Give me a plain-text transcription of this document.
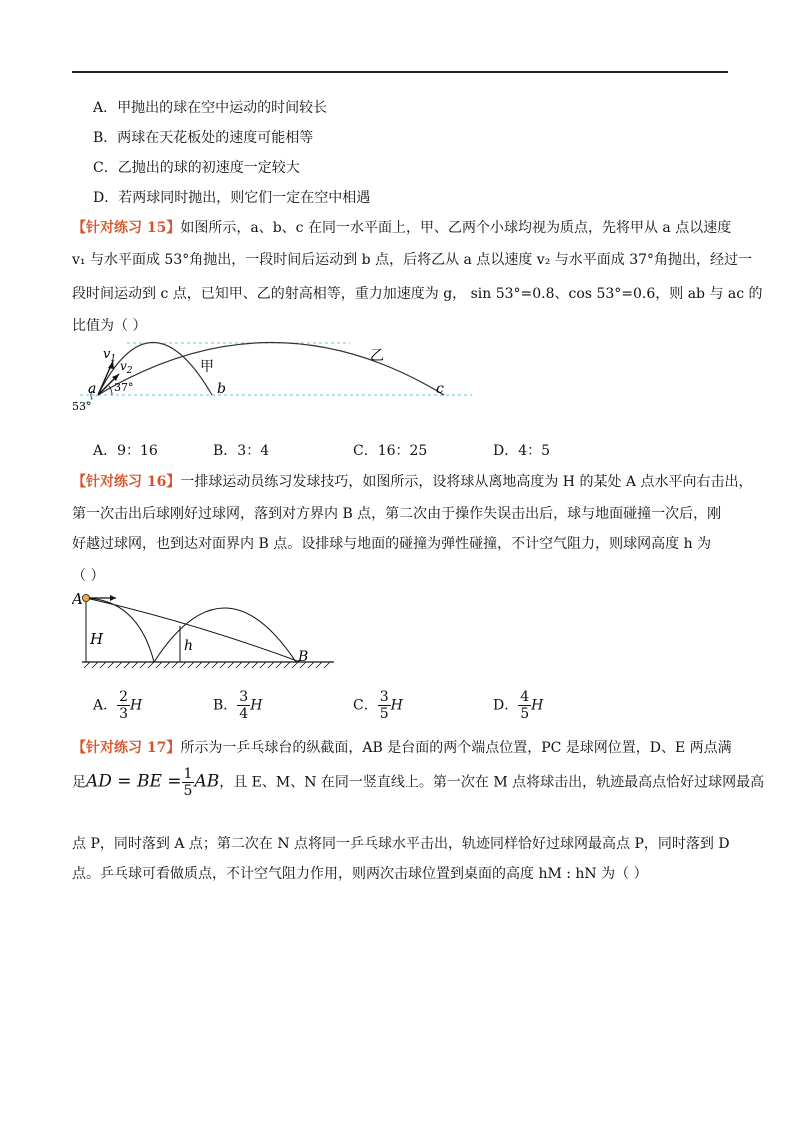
A．甲抛出的球在空中运动的时间较长
B．两球在天花板处的速度可能相等
C．乙抛出的球的初速度一定较大
D．若两球同时抛出，则它们一定在空中相遇
【针对练习 15】如图所示，a、b、c 在同一水平面上，甲、乙两个小球均视为质点，先将甲从 a 点以速度
v₁ 与水平面成 53°角抛出，一段时间后运动到 b 点，后将乙从 a 点以速度 v₂ 与水平面成 37°角抛出，经过一
段时间运动到 c 点，已知甲、乙的射高相等，重力加速度为 g， sin 53°=0.8、cos 53°=0.6，则 ab 与 ac 的
比值为（ ）
$v_1$ $v_2$	甲
乙
a	b	c
37°
53°
A．9：16	B．3：4	C．16：25	D．4：5
【针对练习 16】一排球运动员练习发球技巧，如图所示，设将球从离地高度为 H 的某处 A 点水平向右击出，
第一次击出后球刚好过球网，落到对方界内 B 点，第二次由于操作失误击出后，球与地面碰撞一次后，刚
好越过球网，也到达对面界内 B 点。设排球与地面的碰撞为弹性碰撞，不计空气阻力，则球网高度 h 为
（ ）
A
H	h
B
A． $\frac{2}{3}$ H	B． $\frac{3}{4}$ H	C． $\frac{3}{5}$ H	D． $\frac{4}{5}$ H
【针对练习 17】所示为一乒乓球台的纵截面，AB 是台面的两个端点位置，PC 是球网位置，D、E 两点满
足AD = BE = $\frac{1}{5}$ AB，且 E、M、N 在同一竖直线上。第一次在 M 点将球击出，轨迹最高点恰好过球网最高
点 P，同时落到 A 点；第二次在 N 点将同一乒乓球水平击出，轨迹同样恰好过球网最高点 P，同时落到 D
点。乒乓球可看做质点，不计空气阻力作用，则两次击球位置到桌面的高度 hM : hN 为（ ）
